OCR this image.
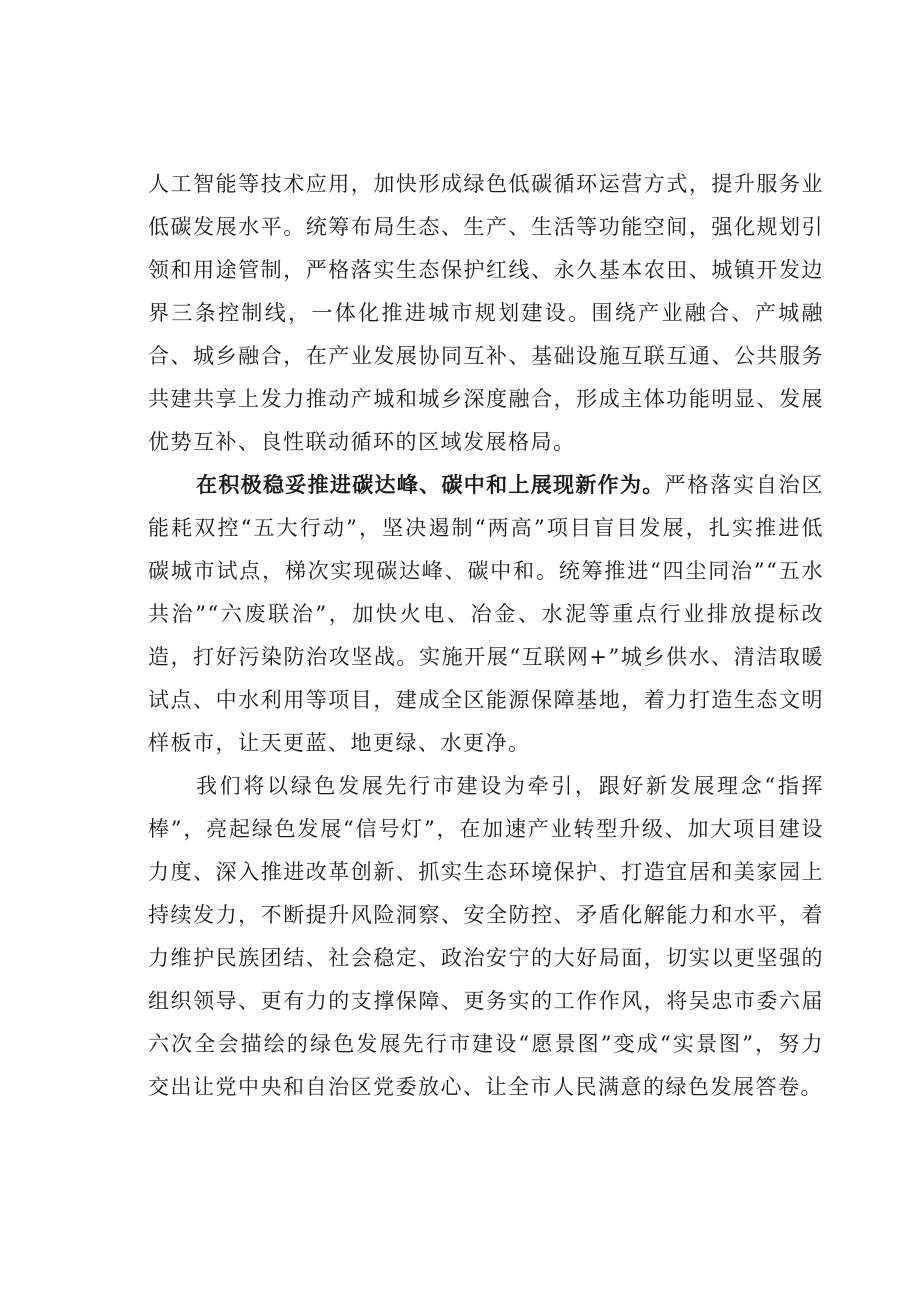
人工智能等技术应用，加快形成绿色低碳循环运营方式，提升服务业低碳发展水平。统筹布局生态、生产、生活等功能空间，强化规划引领和用途管制，严格落实生态保护红线、永久基本农田、城镇开发边界三条控制线，一体化推进城市规划建设。围绕产业融合、产城融合、城乡融合，在产业发展协同互补、基础设施互联互通、公共服务共建共享上发力推动产城和城乡深度融合，形成主体功能明显、发展优势互补、良性联动循环的区域发展格局。

在积极稳妥推进碳达峰、碳中和上展现新作为。严格落实自治区能耗双控“五大行动”，坚决遏制“两高”项目盲目发展，扎实推进低碳城市试点，梯次实现碳达峰、碳中和。统筹推进“四尘同治”“五水共治”“六废联治”，加快火电、冶金、水泥等重点行业排放提标改造，打好污染防治攻坚战。实施开展“互联网+”城乡供水、清洁取暖试点、中水利用等项目，建成全区能源保障基地，着力打造生态文明样板市，让天更蓝、地更绿、水更净。

我们将以绿色发展先行市建设为牵引，跟好新发展理念“指挥棒”，亮起绿色发展“信号灯”，在加速产业转型升级、加大项目建设力度、深入推进改革创新、抓实生态环境保护、打造宜居和美家园上持续发力，不断提升风险洞察、安全防控、矛盾化解能力和水平，着力维护民族团结、社会稳定、政治安宁的大好局面，切实以更坚强的组织领导、更有力的支撑保障、更务实的工作作风，将吴忠市委六届六次全会描绘的绿色发展先行市建设“愿景图”变成“实景图”，努力交出让党中央和自治区党委放心、让全市人民满意的绿色发展答卷。
